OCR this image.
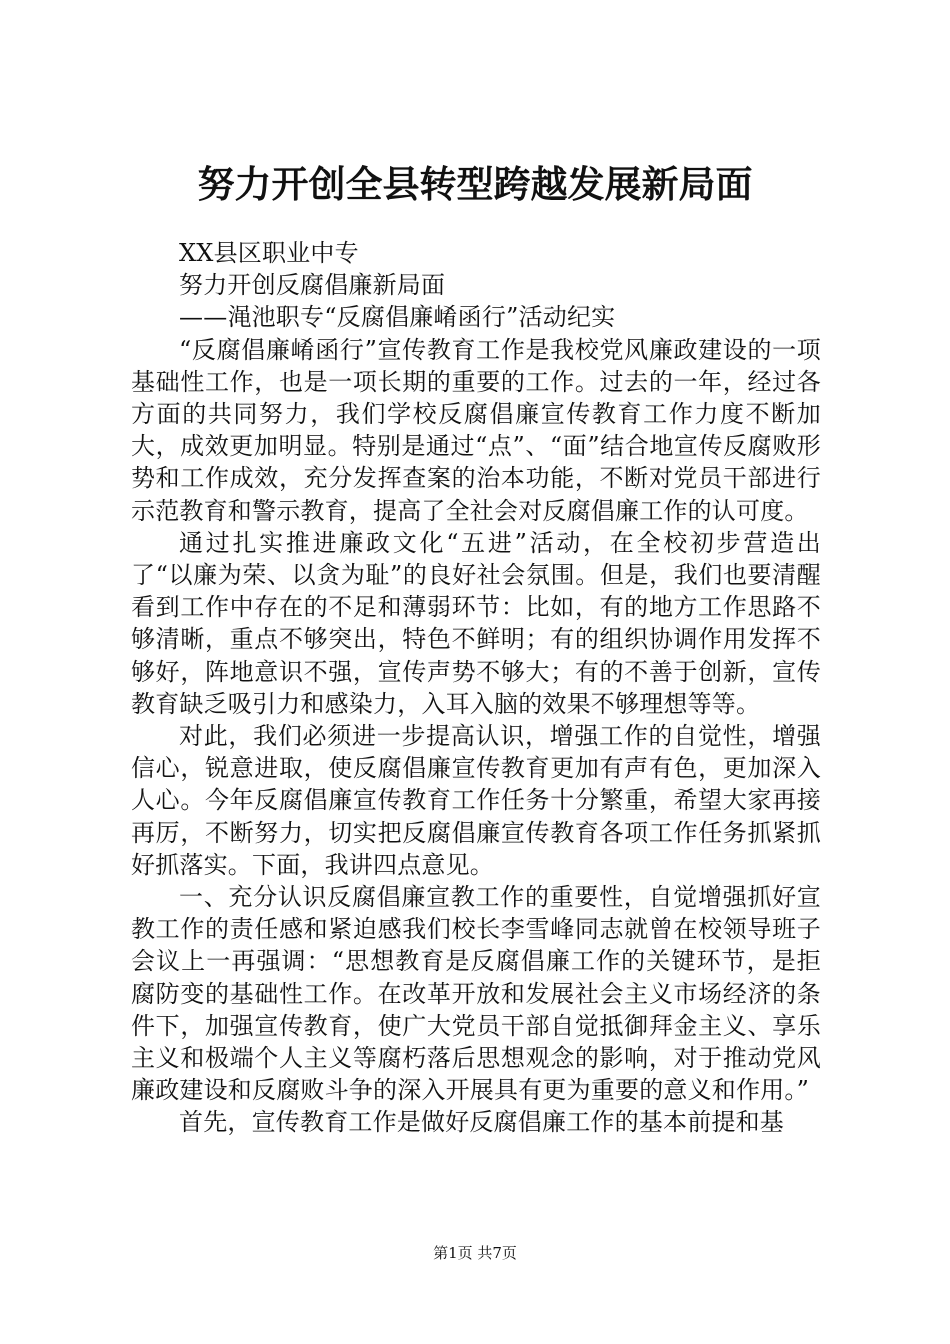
努力开创全县转型跨越发展新局面

XX县区职业中专

努力开创反腐倡廉新局面

——渑池职专“反腐倡廉崤函行”活动纪实

“反腐倡廉崤函行”宣传教育工作是我校党风廉政建设的一项基础性工作，也是一项长期的重要的工作。过去的一年，经过各方面的共同努力，我们学校反腐倡廉宣传教育工作力度不断加大，成效更加明显。特别是通过“点”、“面”结合地宣传反腐败形势和工作成效，充分发挥查案的治本功能，不断对党员干部进行示范教育和警示教育，提高了全社会对反腐倡廉工作的认可度。

通过扎实推进廉政文化“五进”活动，在全校初步营造出了“以廉为荣、以贪为耻”的良好社会氛围。但是，我们也要清醒看到工作中存在的不足和薄弱环节：比如，有的地方工作思路不够清晰，重点不够突出，特色不鲜明；有的组织协调作用发挥不够好，阵地意识不强，宣传声势不够大；有的不善于创新，宣传教育缺乏吸引力和感染力，入耳入脑的效果不够理想等等。

对此，我们必须进一步提高认识，增强工作的自觉性，增强信心，锐意进取，使反腐倡廉宣传教育更加有声有色，更加深入人心。今年反腐倡廉宣传教育工作任务十分繁重，希望大家再接再厉，不断努力，切实把反腐倡廉宣传教育各项工作任务抓紧抓好抓落实。下面，我讲四点意见。

一、充分认识反腐倡廉宣教工作的重要性，自觉增强抓好宣教工作的责任感和紧迫感我们校长李雪峰同志就曾在校领导班子会议上一再强调：“思想教育是反腐倡廉工作的关键环节，是拒腐防变的基础性工作。在改革开放和发展社会主义市场经济的条件下，加强宣传教育，使广大党员干部自觉抵御拜金主义、享乐主义和极端个人主义等腐朽落后思想观念的影响，对于推动党风廉政建设和反腐败斗争的深入开展具有更为重要的意义和作用。”

首先，宣传教育工作是做好反腐倡廉工作的基本前提和基

第1页 共7页
